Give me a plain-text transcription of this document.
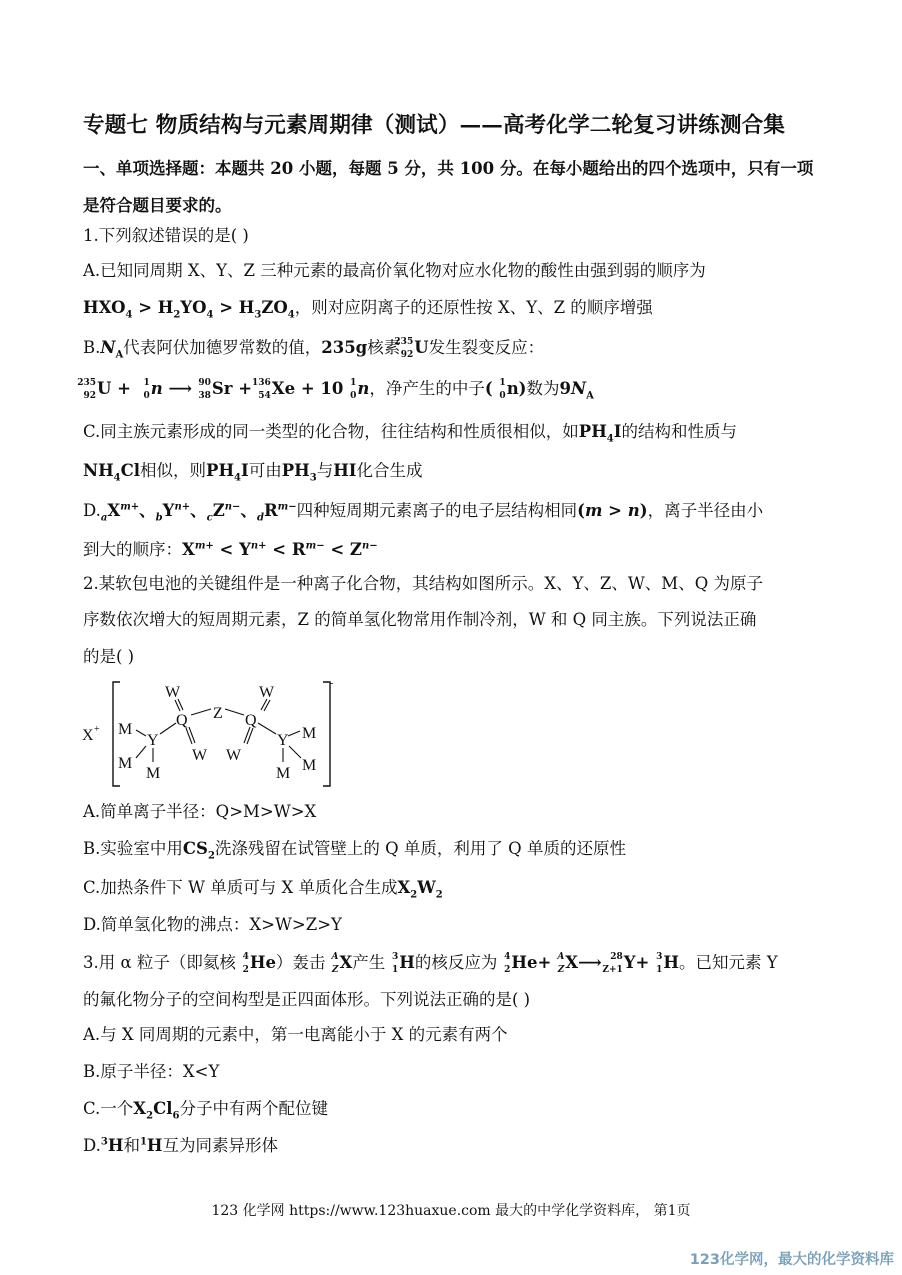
专题七 物质结构与元素周期律（测试）——高考化学二轮复习讲练测合集
一、单项选择题：本题共 20 小题，每题 5 分，共 100 分。在每小题给出的四个选项中，只有一项是符合题目要求的。
1.下列叙述错误的是( )
A.已知同周期 X、Y、Z 三种元素的最高价氧化物对应水化物的酸性由强到弱的顺序为
$HXO_4 > H_2YO_4 > H_3ZO_4$，则对应阴离子的还原性按 X、Y、Z 的顺序增强
$B.N_A$代表阿伏加德罗常数的值，235g核素
235
92 U发生裂变反应：
235
92 U + 1
0 n ⟶ 90
38 Sr +
136
54 Xe + 10 1
0 n，净产生的中子( 1
0 n)数为$9N_A$
C.同主族元素形成的同一类型的化合物，往往结构和性质很相似，如$PH_4I$的结构和性质与
$NH_4Cl$相似，则$PH_4I$可由$PH_3$与HI化合生成
$D._aX^{m+}$、$_bY^{n+}$、$_cZ^{n-}$、$_dR^{m-}$四种短周期元素离子的电子层结构相同(m > n)，离子半径由小
到大的顺序：$X^{m+} < Y^{n+} < R^{m-} < Z^{n-}$
2.某软包电池的关键组件是一种离子化合物，其结构如图所示。X、Y、Z、W、M、Q 为原子
序数依次增大的短周期元素，Z 的简单氢化物常用作制冷剂，W 和 Q 同主族。下列说法正确
的是( )
X +
-
W	W
Q Z Q
M
Y
M
M
W W
Y M
M M
A.简单离子半径：Q>M>W>X
B.实验室中用$CS_2$洗涤残留在试管壁上的 Q 单质，利用了 Q 单质的还原性
C.加热条件下 W 单质可与 X 单质化合生成$X_2W_2$
D.简单氢化物的沸点：X>W>Z>Y
3.用 α 粒子（即氦核 4
2 He）轰击 A
Z X产生 3
1 H的核反应为 4
2 He+ A
Z X⟶ 28
Z+1 Y+ 3
1 H。已知元素 Y
的氟化物分子的空间构型是正四面体形。下列说法正确的是( )
A.与 X 同周期的元素中，第一电离能小于 X 的元素有两个
B.原子半径：X<Y
C.一个$X_2Cl_6$分子中有两个配位键
D.$^3$H和$^1$H互为同素异形体
123 化学网 https://www.123huaxue.com 最大的中学化学资料库， 第1页
123化学网，最大的化学资料库
